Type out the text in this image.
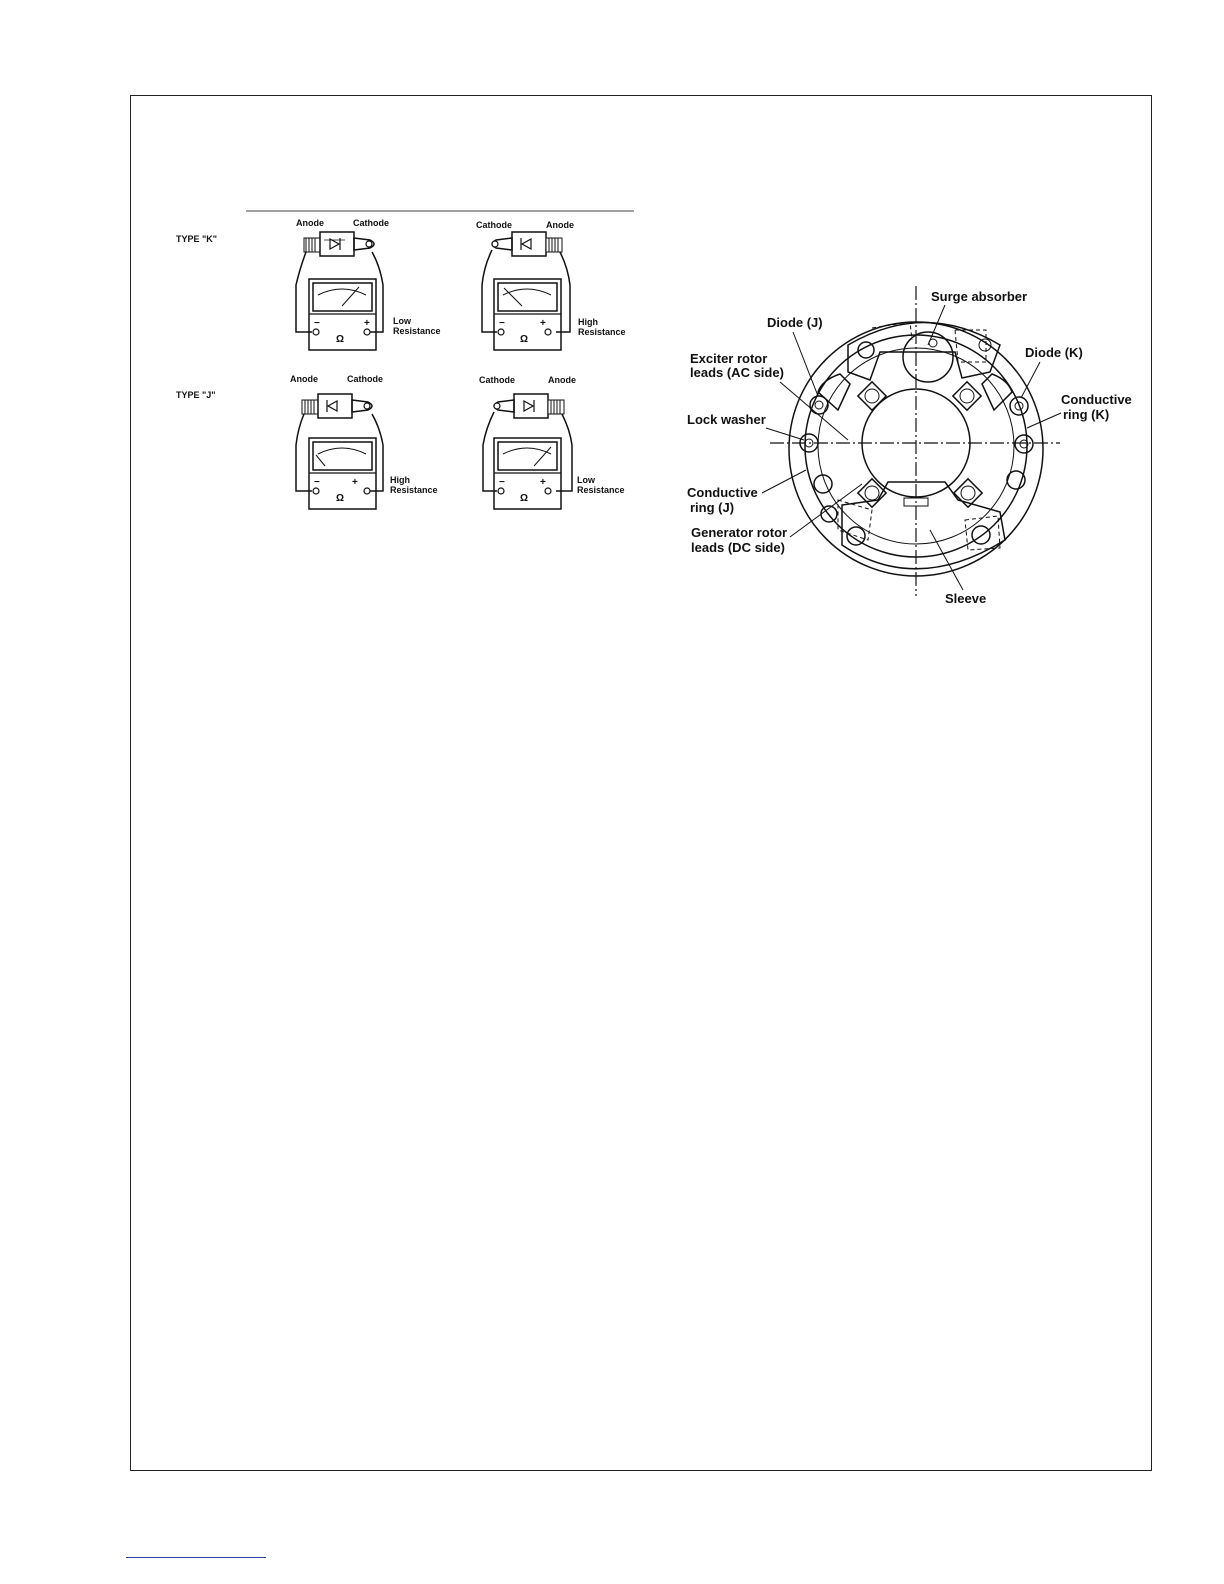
TYPE "K"
TYPE "J"
Anode	Cathode
−	+
Ω
Low
Resistance
Cathode	Anode
−	+
Ω
High
Resistance
Anode	Cathode
−	+
Ω
High
Resistance
Cathode	Anode
−	+
Ω
Low
Resistance
Surge absorber
Diode (J)
Diode (K)
Exciter rotor
leads (AC side)
Conductive
ring (K)
Lock washer
Conductive
ring (J)
Generator rotor
leads (DC side)
Sleeve
